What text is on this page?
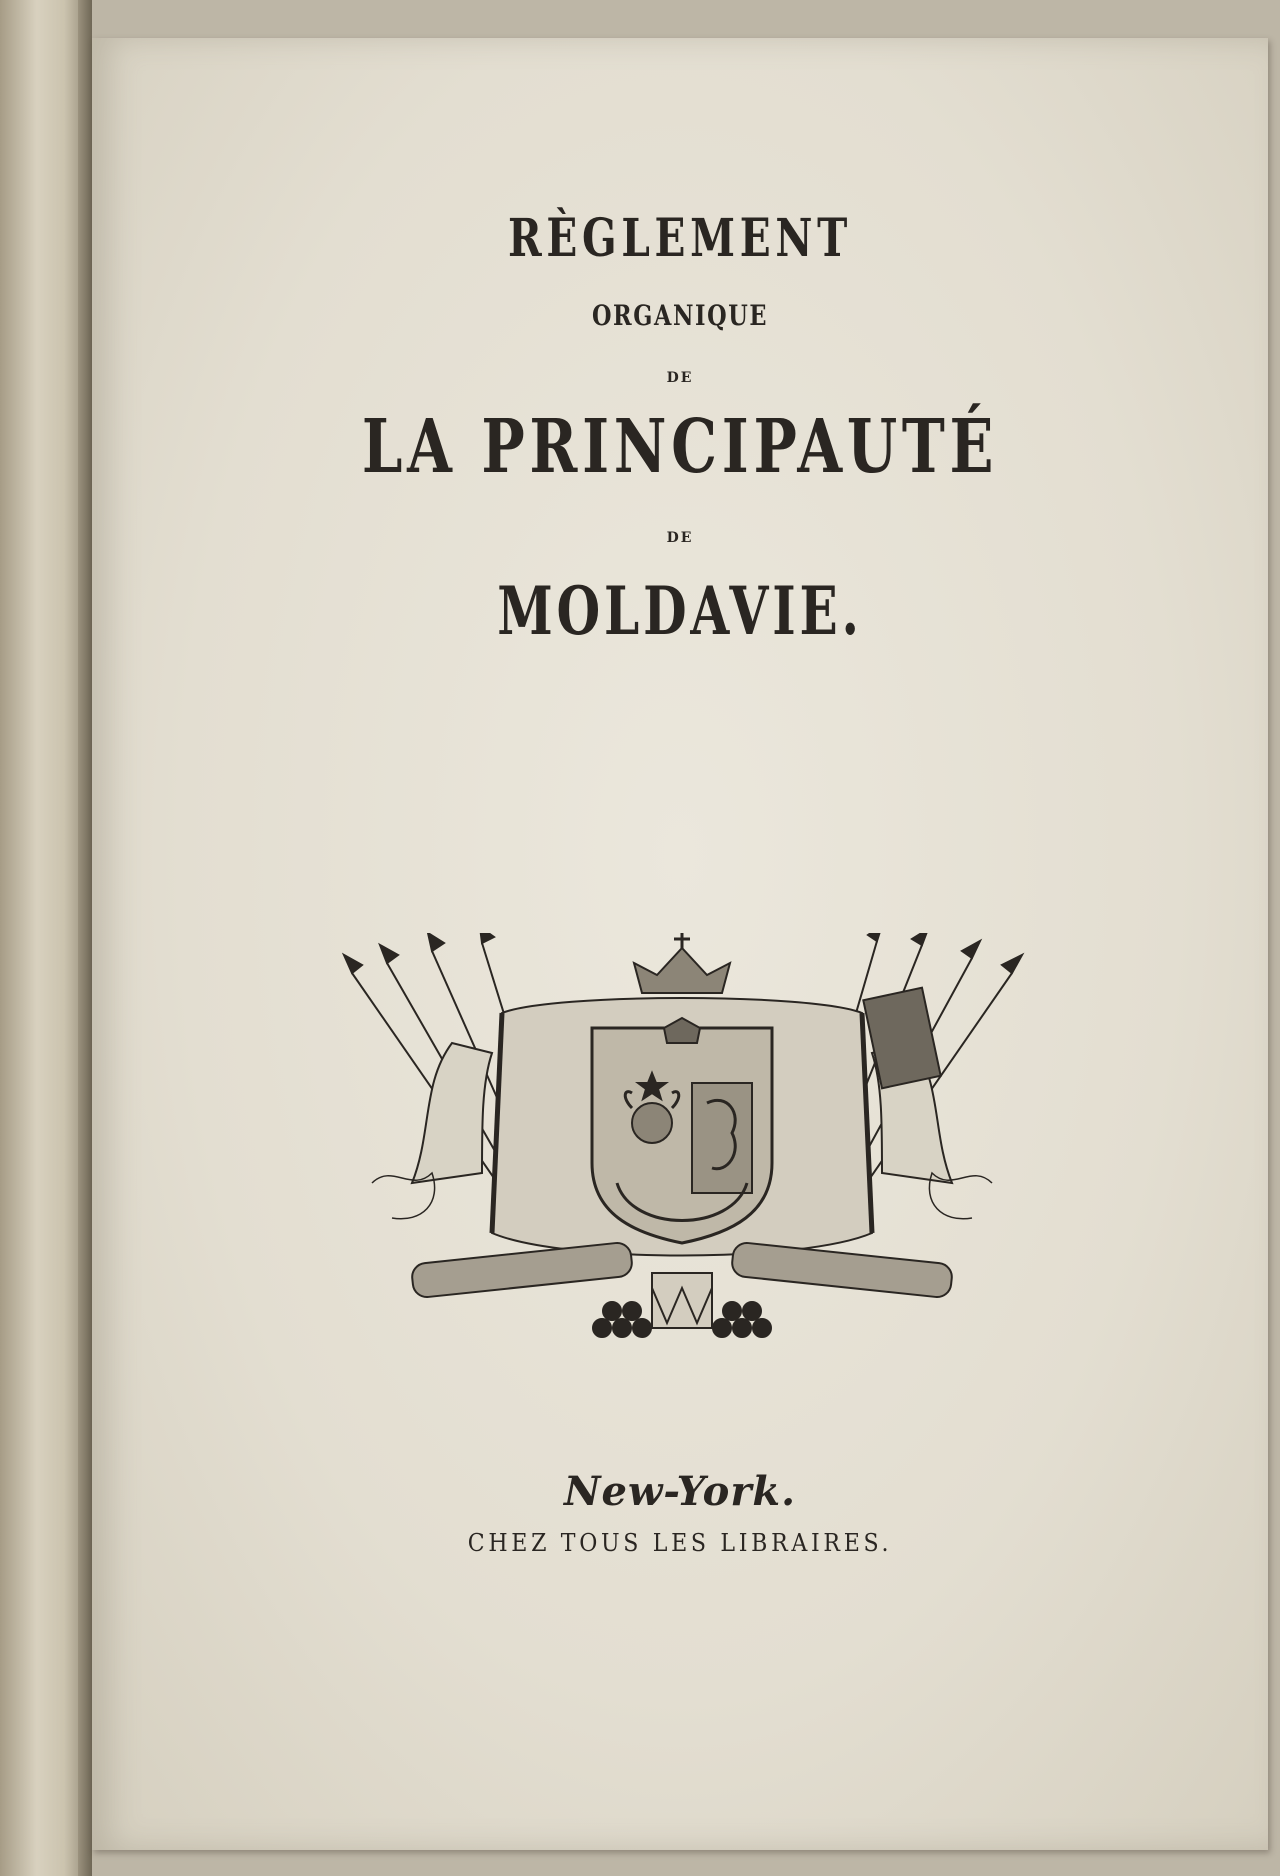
RÈGLEMENT
ORGANIQUE
DE
LA PRINCIPAUTÉ
DE
MOLDAVIE.
New-York.
CHEZ TOUS LES LIBRAIRES.
